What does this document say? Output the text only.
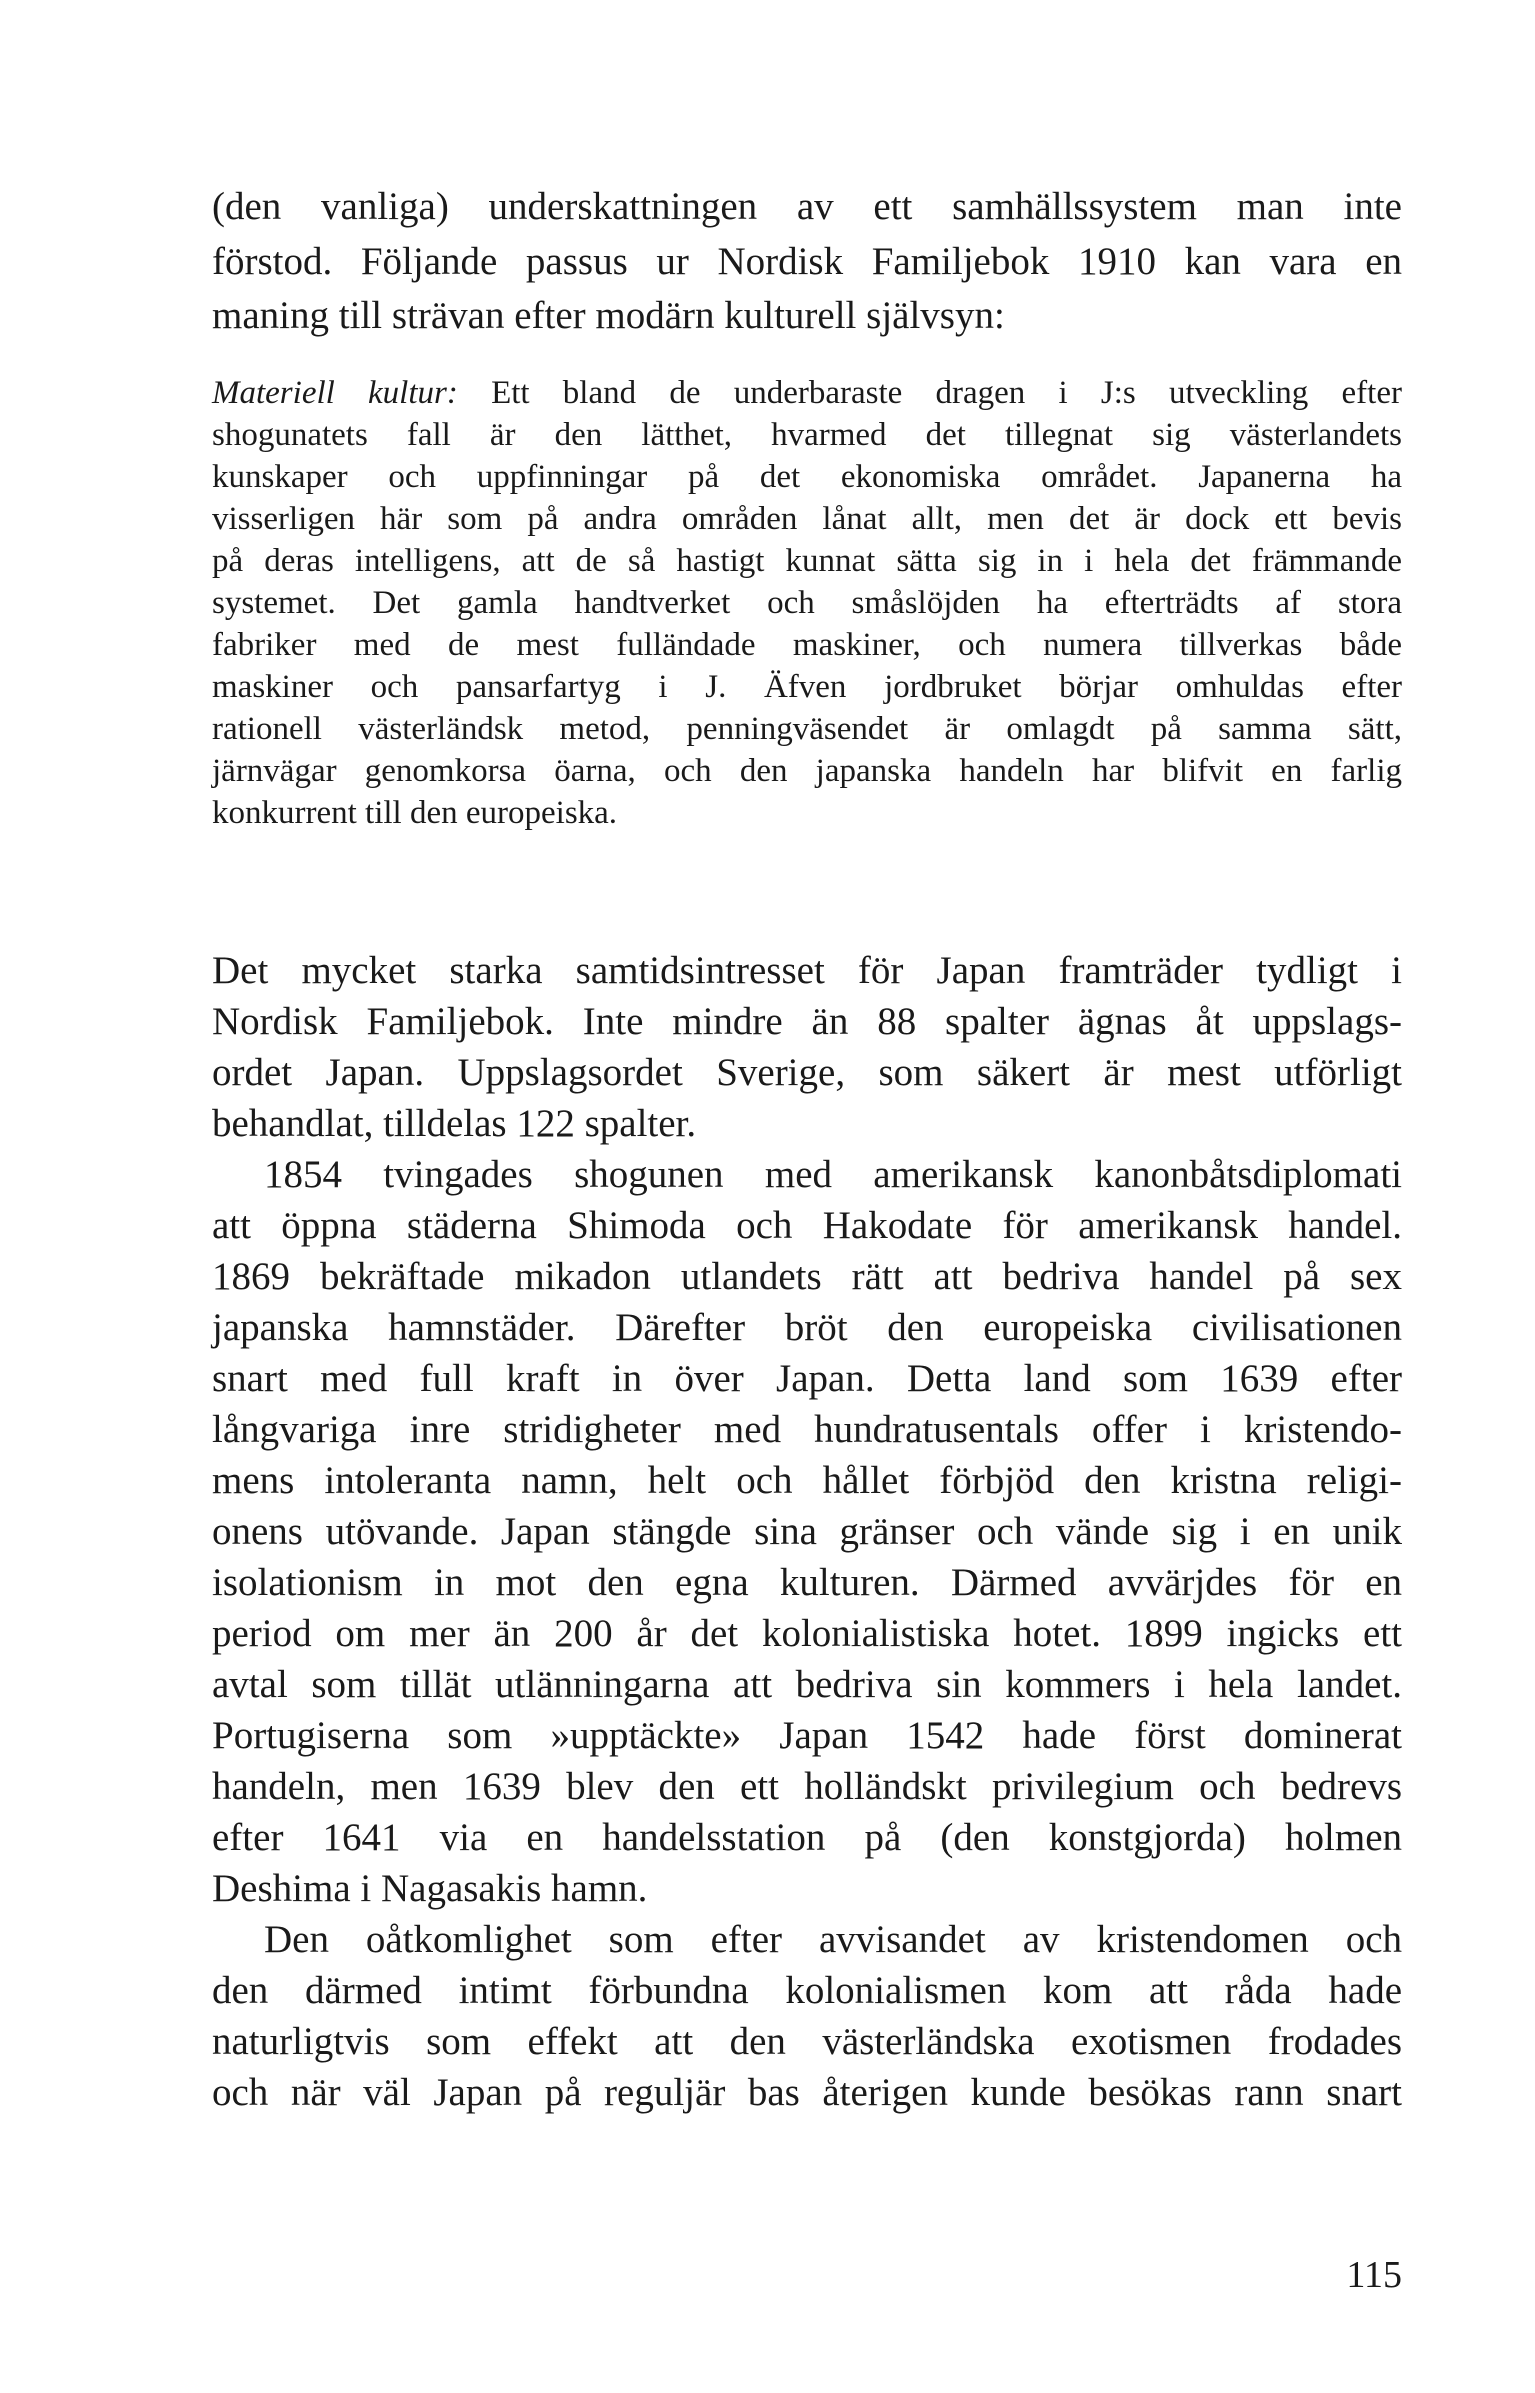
(den vanliga) underskattningen av ett samhällssystem man inte
förstod. Följande passus ur Nordisk Familjebok 1910 kan vara en
maning till strävan efter modärn kulturell självsyn:
Materiell kultur: Ett bland de underbaraste dragen i J:s utveckling efter
shogunatets fall är den lätthet, hvarmed det tillegnat sig västerlandets
kunskaper och uppfinningar på det ekonomiska området. Japanerna ha
visserligen här som på andra områden lånat allt, men det är dock ett bevis
på deras intelligens, att de så hastigt kunnat sätta sig in i hela det främmande
systemet. Det gamla handtverket och småslöjden ha efterträdts af stora
fabriker med de mest fulländade maskiner, och numera tillverkas både
maskiner och pansarfartyg i J. Äfven jordbruket börjar omhuldas efter
rationell västerländsk metod, penningväsendet är omlagdt på samma sätt,
järnvägar genomkorsa öarna, och den japanska handeln har blifvit en farlig
konkurrent till den europeiska.
Det mycket starka samtidsintresset för Japan framträder tydligt i
Nordisk Familjebok. Inte mindre än 88 spalter ägnas åt uppslags-
ordet Japan. Uppslagsordet Sverige, som säkert är mest utförligt
behandlat, tilldelas 122 spalter.
1854 tvingades shogunen med amerikansk kanonbåtsdiplomati
att öppna städerna Shimoda och Hakodate för amerikansk handel.
1869 bekräftade mikadon utlandets rätt att bedriva handel på sex
japanska hamnstäder. Därefter bröt den europeiska civilisationen
snart med full kraft in över Japan. Detta land som 1639 efter
långvariga inre stridigheter med hundratusentals offer i kristendo-
mens intoleranta namn, helt och hållet förbjöd den kristna religi-
onens utövande. Japan stängde sina gränser och vände sig i en unik
isolationism in mot den egna kulturen. Därmed avvärjdes för en
period om mer än 200 år det kolonialistiska hotet. 1899 ingicks ett
avtal som tillät utlänningarna att bedriva sin kommers i hela landet.
Portugiserna som »upptäckte» Japan 1542 hade först dominerat
handeln, men 1639 blev den ett holländskt privilegium och bedrevs
efter 1641 via en handelsstation på (den konstgjorda) holmen
Deshima i Nagasakis hamn.
Den oåtkomlighet som efter avvisandet av kristendomen och
den därmed intimt förbundna kolonialismen kom att råda hade
naturligtvis som effekt att den västerländska exotismen frodades
och när väl Japan på reguljär bas återigen kunde besökas rann snart
115
